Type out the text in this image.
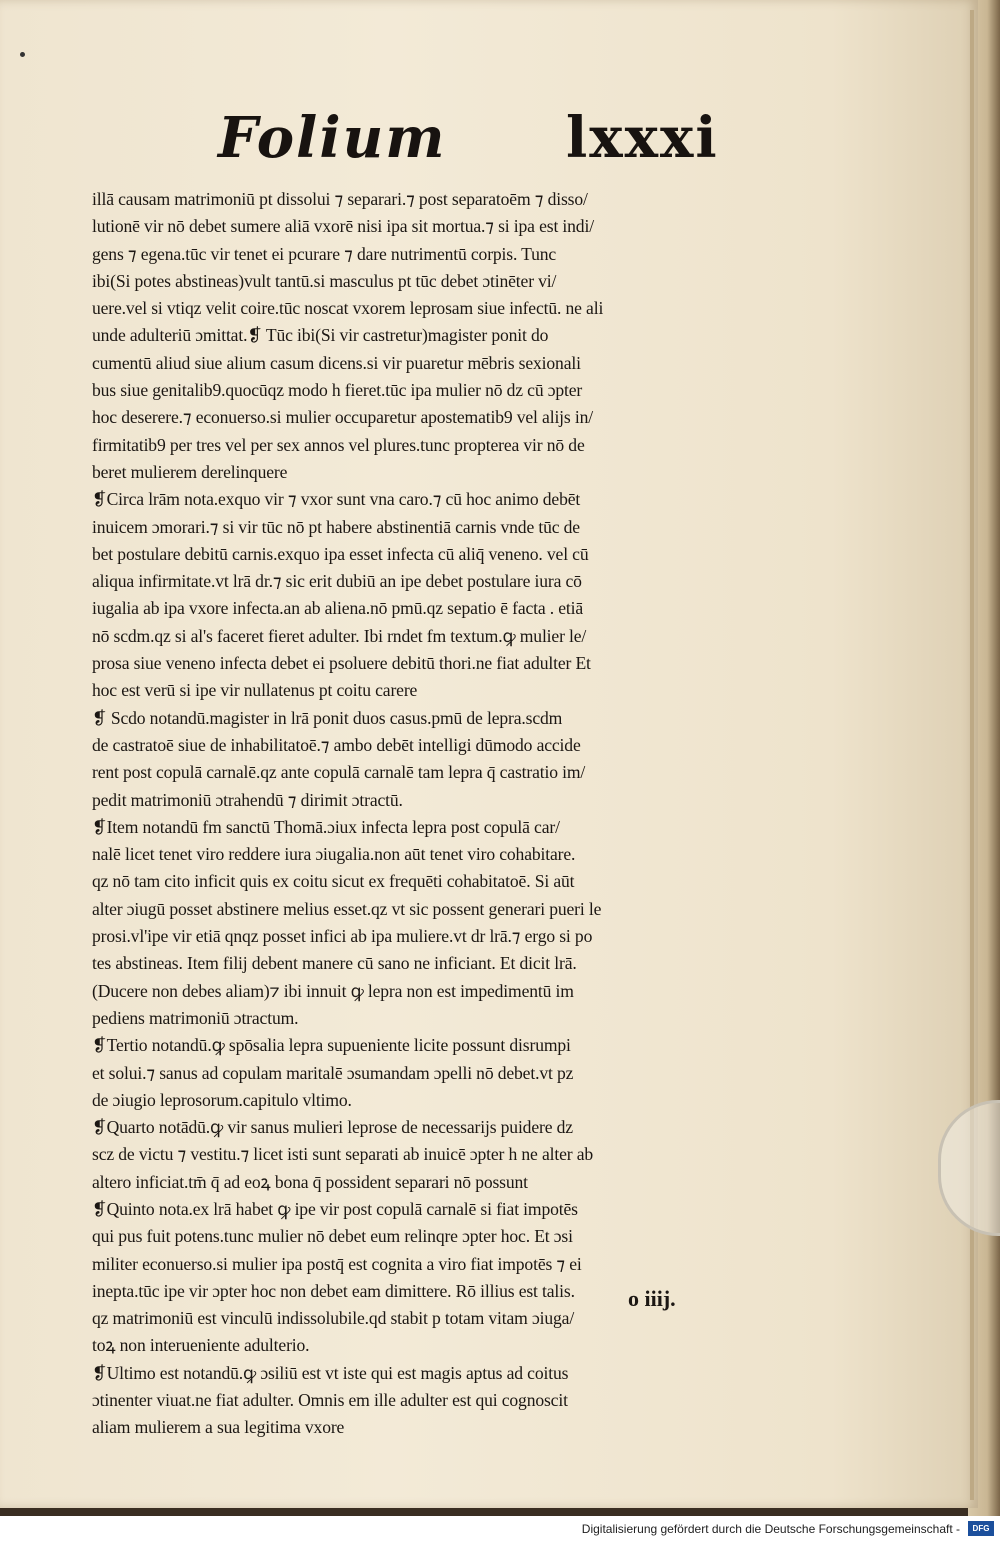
Folium lxxxi
illā causam matrimoniū pt dissolui ⁊ separari.⁊ post separatoēm ⁊ disso/
lutionē vir nō debet sumere aliā vxorē nisi ipa sit mortua.⁊ si ipa est indi/
gens ⁊ egena.tūc vir tenet ei pcurare ⁊ dare nutrimentū corpis. Tunc
ibi(Si potes abstineas)vult tantū.si masculus pt tūc debet ɔtinēter vi/
uere.vel si vtiqz velit coire.tūc noscat vxorem leprosam siue infectū. ne ali
unde adulteriū ɔmittat.❡ Tūc ibi(Si vir castretur)magister ponit do
cumentū aliud siue alium casum dicens.si vir puaretur mēbris sexionali
bus siue genitalib9.quocūqz modo h fieret.tūc ipa mulier nō dz cū ɔpter
hoc deserere.⁊ econuerso.si mulier occuparetur apostematib9 vel alijs in/
firmitatib9 per tres vel per sex annos vel plures.tunc propterea vir nō de
beret mulierem derelinquere
❡Circa lrām nota.exquo vir ⁊ vxor sunt vna caro.⁊ cū hoc animo debēt
inuicem ɔmorari.⁊ si vir tūc nō pt habere abstinentiā carnis vnde tūc de
bet postulare debitū carnis.exquo ipa esset infecta cū aliq̄ veneno. vel cū
aliqua infirmitate.vt lrā dr.⁊ sic erit dubiū an ipe debet postulare iura cō
iugalia ab ipa vxore infecta.an ab aliena.nō pmū.qz sepatio ē facta . etiā
nō scdm.qz si al's faceret fieret adulter. Ibi rndet fm textum.ꝙ mulier le/
prosa siue veneno infecta debet ei psoluere debitū thori.ne fiat adulter Et
hoc est verū si ipe vir nullatenus pt coitu carere
❡ Scdo notandū.magister in lrā ponit duos casus.pmū de lepra.scdm
de castratoē siue de inhabilitatoē.⁊ ambo debēt intelligi dūmodo accide
rent post copulā carnalē.qz ante copulā carnalē tam lepra q̄ castratio im/
pedit matrimoniū ɔtrahendū ⁊ dirimit ɔtractū.
❡Item notandū fm sanctū Thomā.ɔiux infecta lepra post copulā car/
nalē licet tenet viro reddere iura ɔiugalia.non aūt tenet viro cohabitare.
qz nō tam cito inficit quis ex coitu sicut ex frequēti cohabitatoē. Si aūt
alter ɔiugū posset abstinere melius esset.qz vt sic possent generari pueri le
prosi.vl'ipe vir etiā qnqz posset infici ab ipa muliere.vt dr lrā.⁊ ergo si po
tes abstineas. Item filij debent manere cū sano ne inficiant. Et dicit lrā.
(Ducere non debes aliam)⁊ ibi innuit ꝙ lepra non est impedimentū im
pediens matrimoniū ɔtractum.
❡Tertio notandū.ꝙ spōsalia lepra supueniente licite possunt disrumpi
et solui.⁊ sanus ad copulam maritalē ɔsumandam ɔpelli nō debet.vt pz
de ɔiugio leprosorum.capitulo vltimo.
❡Quarto notādū.ꝙ vir sanus mulieri leprose de necessarijs puidere dz
scz de victu ⁊ vestitu.⁊ licet isti sunt separati ab inuicē ɔpter h ne alter ab
altero inficiat.tm̄ q̄ ad eoꝝ bona q̄ possident separari nō possunt
❡Quinto nota.ex lrā habet ꝙ ipe vir post copulā carnalē si fiat impotēs
qui pus fuit potens.tunc mulier nō debet eum relinqre ɔpter hoc. Et ɔsi
militer econuerso.si mulier ipa postq̄ est cognita a viro fiat impotēs ⁊ ei
inepta.tūc ipe vir ɔpter hoc non debet eam dimittere. Rō illius est talis.
qz matrimoniū est vinculū indissolubile.qd stabit p totam vitam ɔiuga/
toꝝ non interueniente adulterio.
❡Ultimo est notandū.ꝙ ɔsiliū est vt iste qui est magis aptus ad coitus
ɔtinenter viuat.ne fiat adulter. Omnis em ille adulter est qui cognoscit
aliam mulierem a sua legitima vxore
o iiij.
Digitalisierung gefördert durch die Deutsche Forschungsgemeinschaft -	DFG
